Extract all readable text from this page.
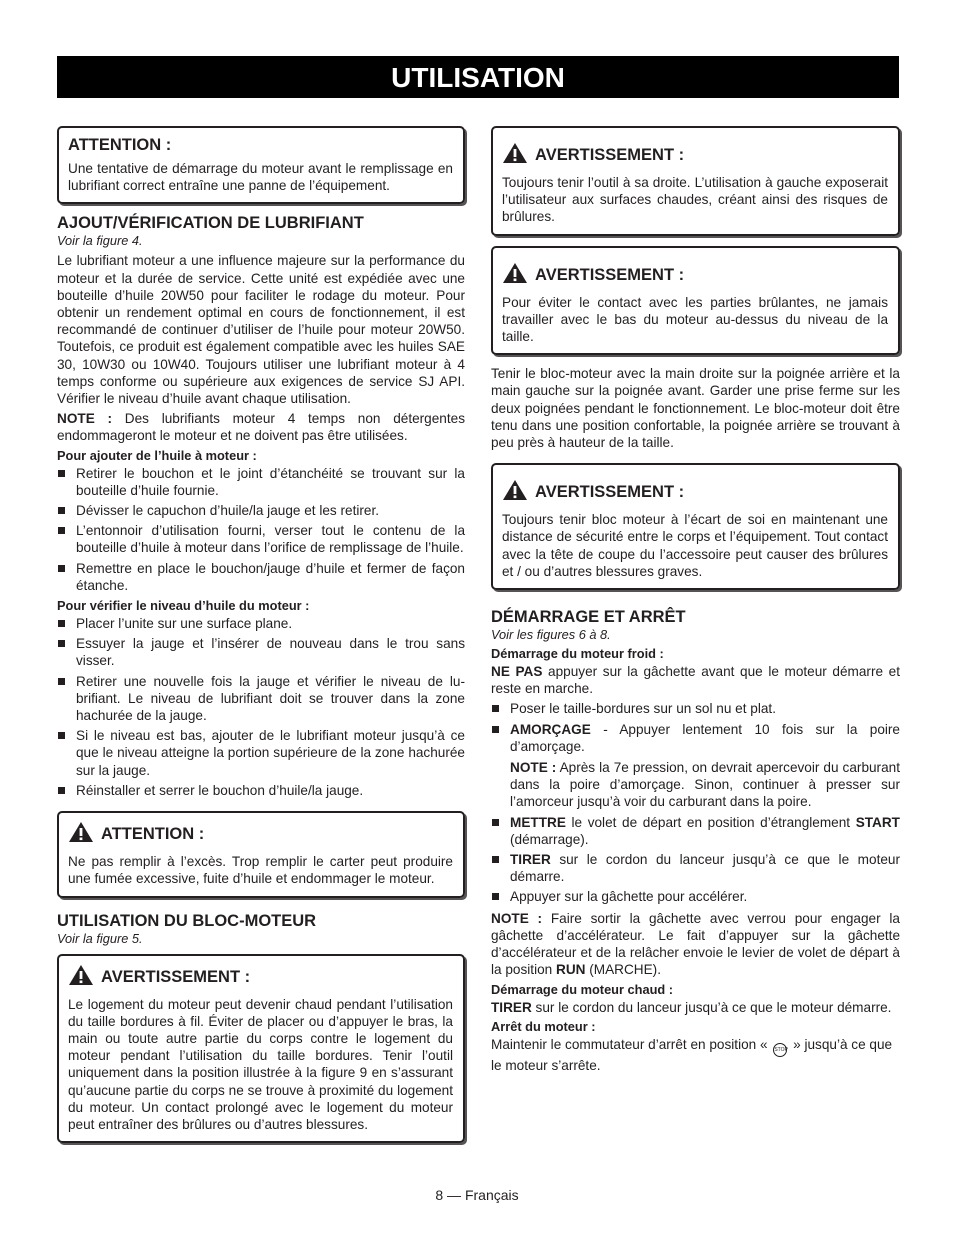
UTILISATION
ATTENTION :

Une tentative de démarrage du moteur avant le remplissage en lubrifiant correct entraîne une panne de l’équipement.

AJOUT/VÉRIFICATION DE LUBRIFIANT
Voir la figure 4.

Le lubrifiant moteur a une influence majeure sur la performance du moteur et la durée de service. Cette unité est expédiée avec une bouteille d’huile 20W50 pour faciliter le rodage du moteur. Pour obtenir un rendement optimal en cours de fonctionnement, il est recommandé de continuer d’utiliser de l’huile pour moteur 20W50. Toutefois, ce produit est également compatible avec les huiles SAE 30, 10W30 ou 10W40. Toujours utiliser une lubrifiant moteur à 4 temps conforme ou supérieure aux exigences de service SJ API. Vérifier le niveau d’huile avant chaque utilisation.

NOTE : Des lubrifiants moteur 4 temps non détergentes endommageront le moteur et ne doivent pas être utilisées.

Pour ajouter de l’huile à moteur :
Retirer le bouchon et le joint d’étanchéité se trouvant sur la bouteille d’huile fournie.
Dévisser le capuchon d’huile/la jauge et les retirer.
L’entonnoir d’utilisation fourni, verser tout le contenu de la bouteille d’huile à moteur dans l’orifice de remplissage de l’huile.
Remettre en place le bouchon/jauge d’huile et fermer de façon étanche.
Pour vérifier le niveau d’huile du moteur :
Placer l’unite sur une surface plane.
Essuyer la jauge et l’insérer de nouveau dans le trou sans visser.
Retirer une nouvelle fois la jauge et vérifier le niveau de lu-brifiant. Le niveau de lubrifiant doit se trouver dans la zone hachurée de la jauge.
Si le niveau est bas, ajouter de le lubrifiant moteur jusqu’à ce que le niveau atteigne la portion supérieure de la zone hachurée sur la jauge.
Réinstaller et serrer le bouchon d’huile/la jauge.
ATTENTION :

Ne pas remplir à l’excès. Trop remplir le carter peut produire une fumée excessive, fuite d’huile et endommager le moteur.

UTILISATION DU BLOC-MOTEUR
Voir la figure 5.
AVERTISSEMENT :

Le logement du moteur peut devenir chaud pendant l’utilisation du taille bordures à fil. Éviter de placer ou d’appuyer le bras, la main ou toute autre partie du corps contre le logement du moteur pendant l’utilisation du taille bordures. Tenir l’outil uniquement dans la position illustrée à la figure 9 en s’assurant qu’aucune partie du corps ne se trouve à proximité du logement du moteur. Un contact prolongé avec le logement du moteur peut entraîner des brûlures ou d’autres blessures.

AVERTISSEMENT :

Toujours tenir l’outil à sa droite. L’utilisation à gauche exposerait l’utilisateur aux surfaces chaudes, créant ainsi des risques de brûlures.

AVERTISSEMENT :

Pour éviter le contact avec les parties brûlantes, ne jamais travailler avec le bas du moteur au-dessus du niveau de la taille.

Tenir le bloc-moteur avec la main droite sur la poignée arrière et la main gauche sur la poignée avant. Garder une prise ferme sur les deux poignées pendant le fonctionnement. Le bloc-moteur doit être tenu dans une position confortable, la poignée arrière se trouvant à peu près à hauteur de la taille.

AVERTISSEMENT :

Toujours tenir bloc moteur à l’écart de soi en maintenant une distance de sécurité entre le corps et l’équipement. Tout contact avec la tête de coupe du l’accessoire peut causer des brûlures et / ou d’autres blessures graves.

DÉMARRAGE ET ARRÊT
Voir les figures 6 à 8.
Démarrage du moteur froid :

NE PAS appuyer sur la gâchette avant que le moteur démarre et reste en marche.

Poser le taille-bordures sur un sol nu et plat.
AMORÇAGE - Appuyer lentement 10 fois sur la poire d’amorçage.

NOTE : Après la 7e pression, on devrait apercevoir du carburant dans la poire d’amorçage. Sinon, continuer à presser sur l’amorceur jusqu’à voir du carburant dans la poire.

METTRE le volet de départ en position d’étranglement START (démarrage).
TIRER sur le cordon du lanceur jusqu’à ce que le moteur démarre.
Appuyer sur la gâchette pour accélérer.

NOTE : Faire sortir la gâchette avec verrou pour engager la gâchette d’accélérateur. Le fait d’appuyer sur la gâchette d’accélérateur et de la relâcher envoie le levier de volet de départ à la position RUN (MARCHE).

Démarrage du moteur chaud :

TIRER sur le cordon du lanceur jusqu’à ce que le moteur démarre.

Arrêt du moteur :

Maintenir le commutateur d’arrêt en position « STOP » jusqu’à ce que le moteur s’arrête.

8 — Français
